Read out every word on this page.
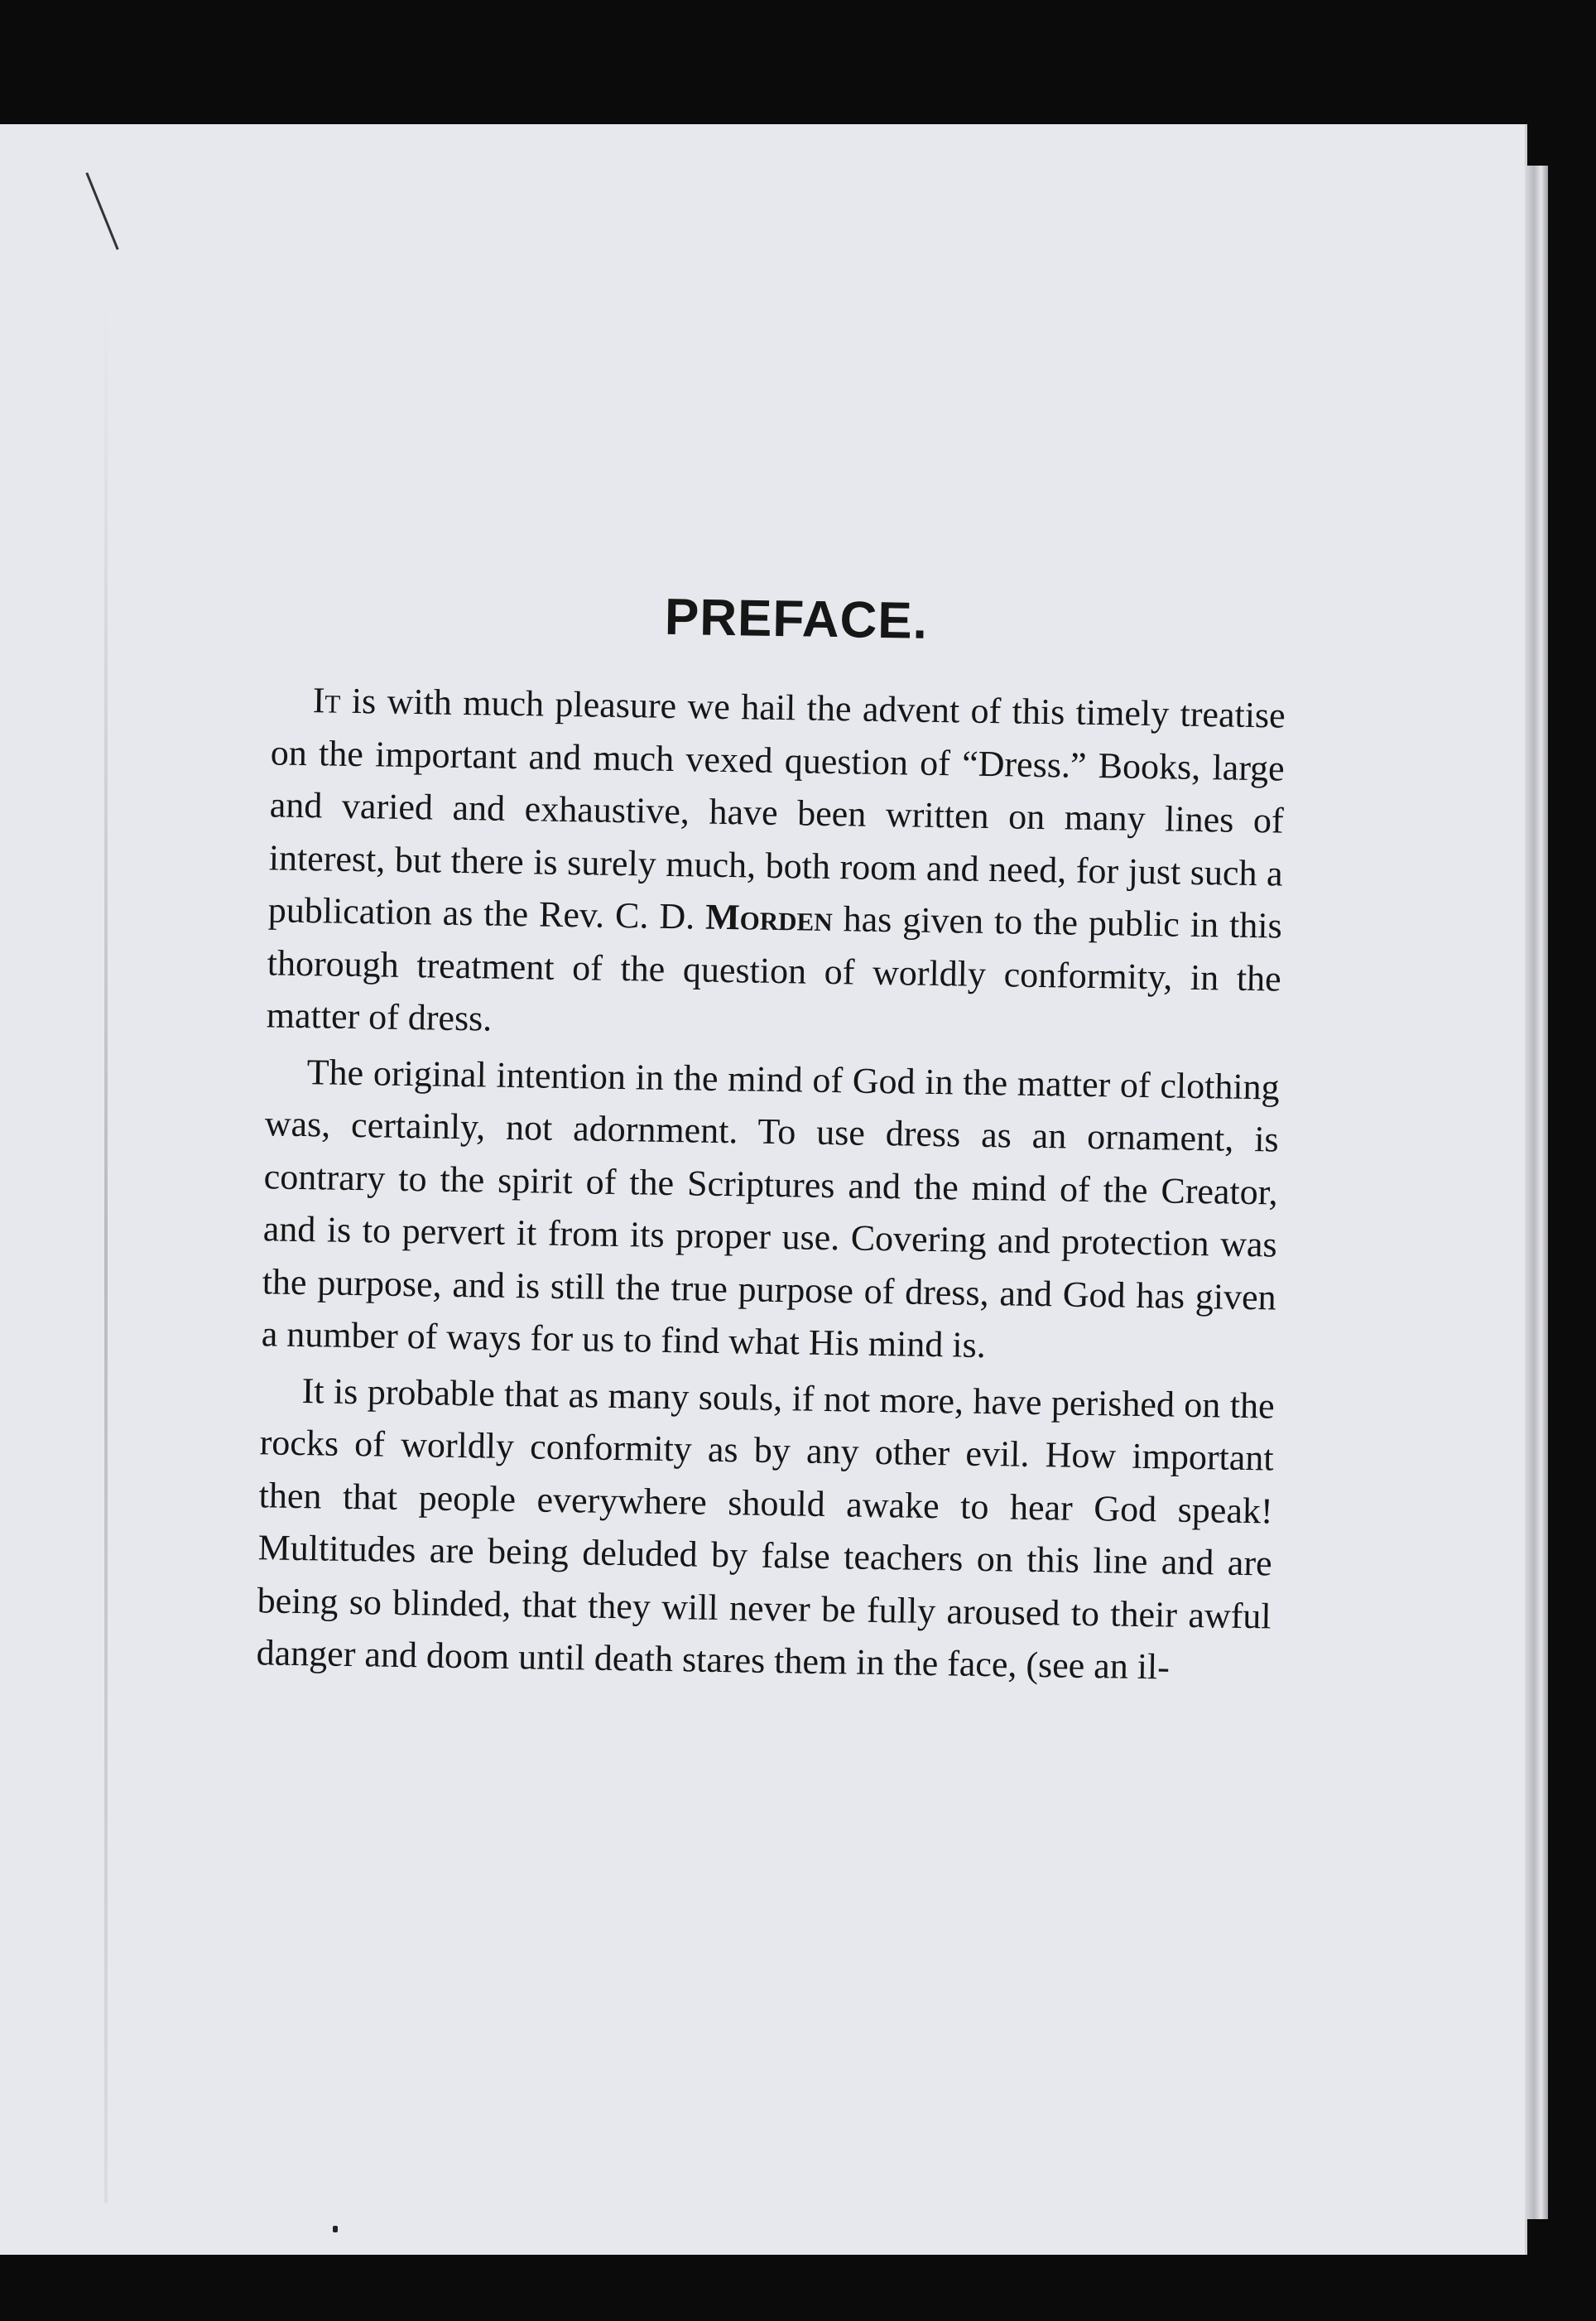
PREFACE.

It is with much pleasure we hail the advent of this timely treatise on the important and much vexed question of “Dress.” Books, large and varied and exhaustive, have been written on many lines of interest, but there is surely much, both room and need, for just such a publication as the Rev. C. D. Morden has given to the public in this thorough treatment of the question of worldly conformity, in the matter of dress.

The original intention in the mind of God in the matter of clothing was, certainly, not adornment. To use dress as an ornament, is contrary to the spirit of the Scriptures and the mind of the Creator, and is to pervert it from its proper use. Covering and protection was the purpose, and is still the true purpose of dress, and God has given a number of ways for us to find what His mind is.

It is probable that as many souls, if not more, have perished on the rocks of worldly conformity as by any other evil. How important then that people everywhere should awake to hear God speak! Multitudes are being deluded by false teachers on this line and are being so blinded, that they will never be fully aroused to their awful danger and doom until death stares them in the face, (see an il-
